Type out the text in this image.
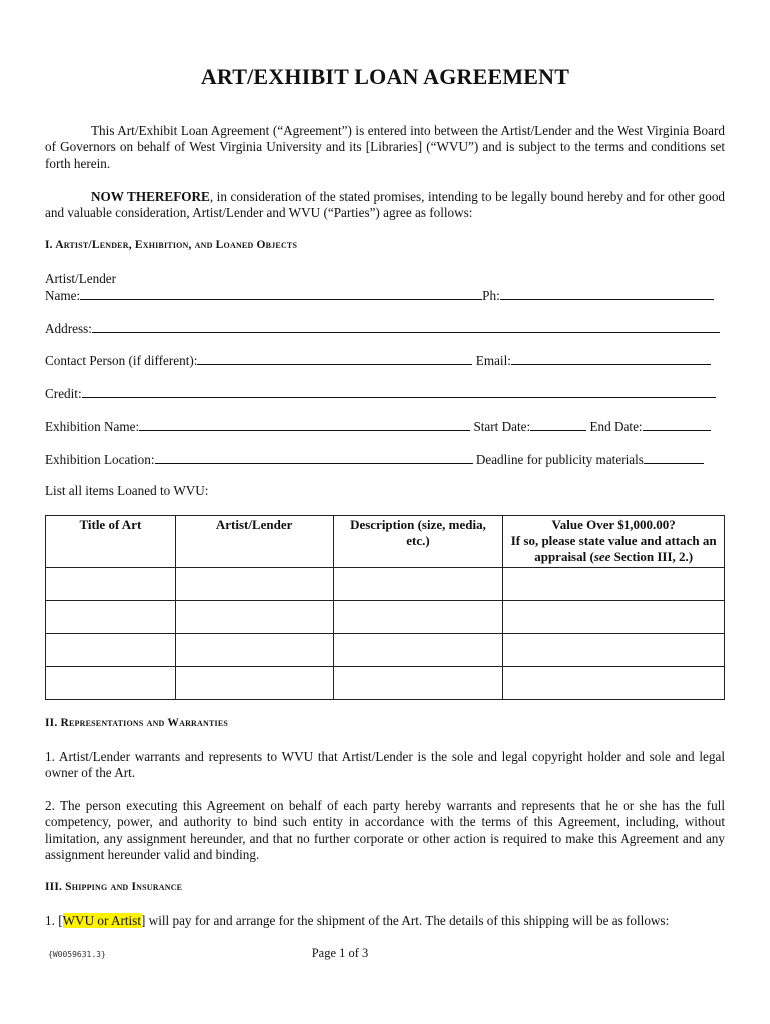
ART/EXHIBIT LOAN AGREEMENT

This Art/Exhibit Loan Agreement (“Agreement”) is entered into between the Artist/Lender and the West Virginia Board of Governors on behalf of West Virginia University and its [Libraries] (“WVU”) and is subject to the terms and conditions set forth herein.

NOW THEREFORE, in consideration of the stated promises, intending to be legally bound hereby and for other good and valuable consideration, Artist/Lender and WVU (“Parties”) agree as follows:

I. Artist/Lender, Exhibition, and Loaned Objects
Artist/Lender
Name:	Ph:
Address:
Contact Person (if different):	Email:
Credit:
Exhibition Name:	Start Date:	End Date:
Exhibition Location:	Deadline for publicity materials
List all items Loaned to WVU:
Title of Art	Artist/Lender	Description (size, media, etc.)	Value Over $1,000.00?
If so, please state value and attach an appraisal (see Section III, 2.)

II. Representations and Warranties

1. Artist/Lender warrants and represents to WVU that Artist/Lender is the sole and legal copyright holder and sole and legal owner of the Art.

2. The person executing this Agreement on behalf of each party hereby warrants and represents that he or she has the full competency, power, and authority to bind such entity in accordance with the terms of this Agreement, including, without limitation, any assignment hereunder, and that no further corporate or other action is required to make this Agreement and any assignment hereunder valid and binding.

III. Shipping and Insurance

1. [WVU or Artist] will pay for and arrange for the shipment of the Art. The details of this shipping will be as follows:

{W0059631.3}	Page 1 of 3
